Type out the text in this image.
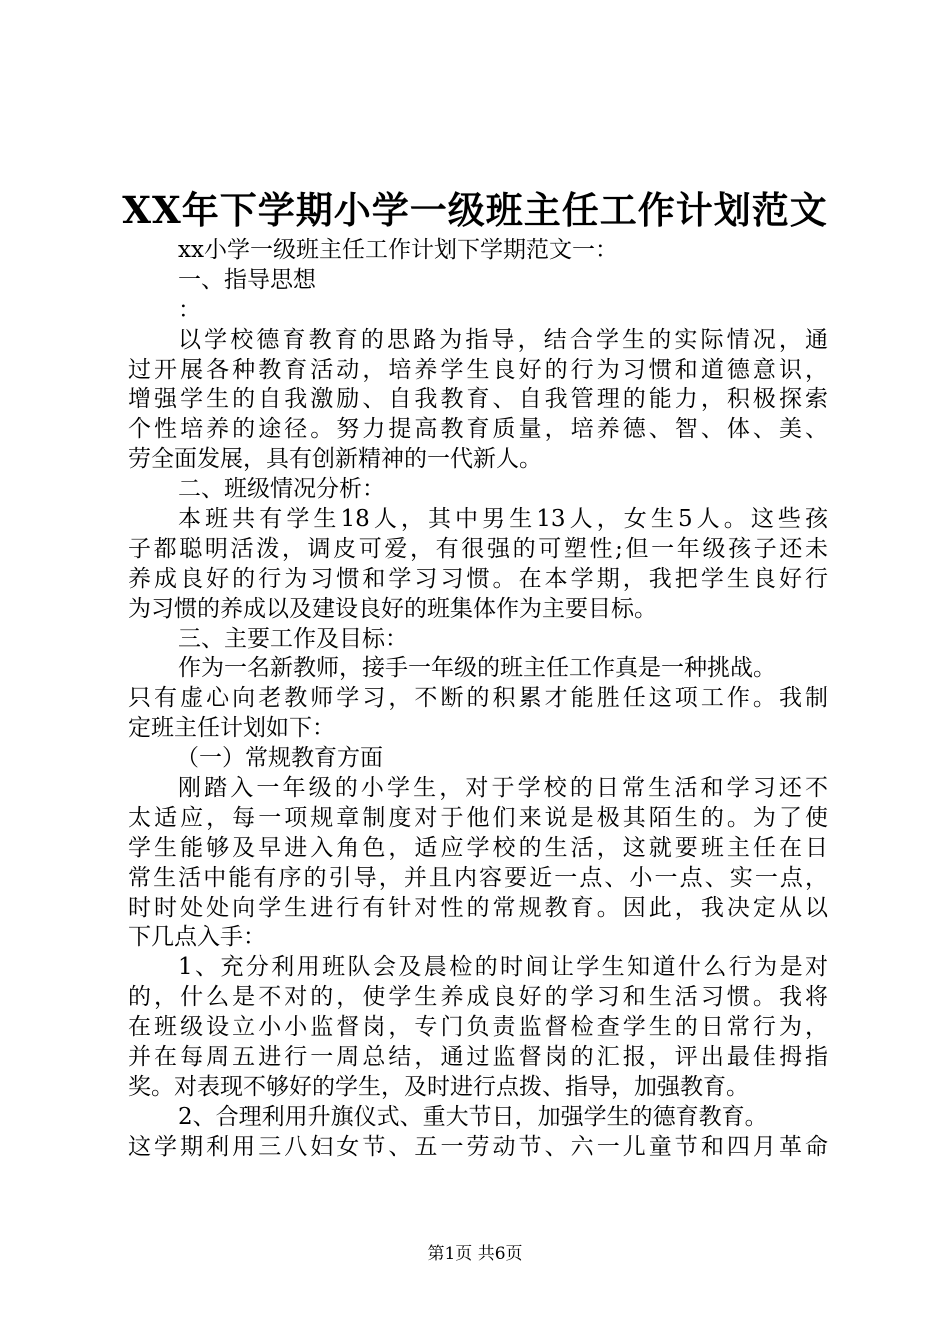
XX年下学期小学一级班主任工作计划范文
xx小学一级班主任工作计划下学期范文一：
一、指导思想
：
以学校德育教育的思路为指导，结合学生的实际情况，通
过开展各种教育活动，培养学生良好的行为习惯和道德意识，
增强学生的自我激励、自我教育、自我管理的能力，积极探索
个性培养的途径。努力提高教育质量，培养德、智、体、美、
劳全面发展，具有创新精神的一代新人。
二、班级情况分析：
本班共有学生18人，其中男生13人，女生5人。这些孩
子都聪明活泼，调皮可爱，有很强的可塑性;但一年级孩子还未
养成良好的行为习惯和学习习惯。在本学期，我把学生良好行
为习惯的养成以及建设良好的班集体作为主要目标。
三、主要工作及目标：
作为一名新教师，接手一年级的班主任工作真是一种挑战。
只有虚心向老教师学习，不断的积累才能胜任这项工作。我制
定班主任计划如下：
（一）常规教育方面
刚踏入一年级的小学生，对于学校的日常生活和学习还不
太适应，每一项规章制度对于他们来说是极其陌生的。为了使
学生能够及早进入角色，适应学校的生活，这就要班主任在日
常生活中能有序的引导，并且内容要近一点、小一点、实一点，
时时处处向学生进行有针对性的常规教育。因此，我决定从以
下几点入手：
1、充分利用班队会及晨检的时间让学生知道什么行为是对
的，什么是不对的，使学生养成良好的学习和生活习惯。我将
在班级设立小小监督岗，专门负责监督检查学生的日常行为，
并在每周五进行一周总结，通过监督岗的汇报，评出最佳拇指
奖。对表现不够好的学生，及时进行点拨、指导，加强教育。
2、合理利用升旗仪式、重大节日，加强学生的德育教育。
这学期利用三八妇女节、五一劳动节、六一儿童节和四月革命
第1页 共6页
